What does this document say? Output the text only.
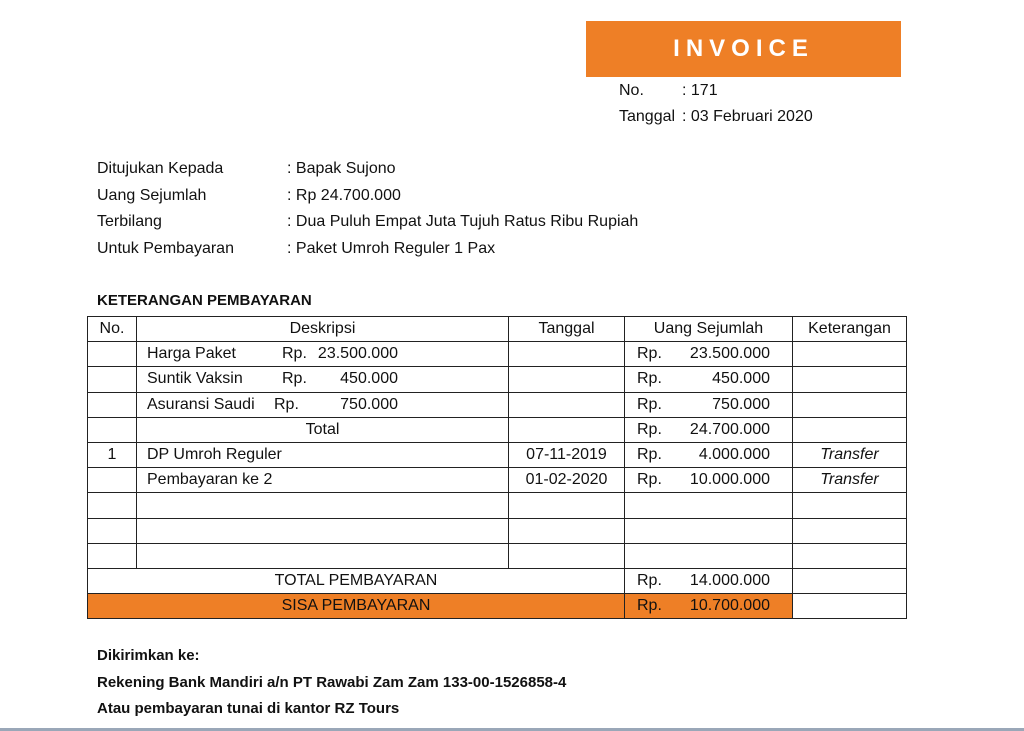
INVOICE
No. : 171
Tanggal : 03 Februari 2020
Ditujukan Kepada	: Bapak Sujono
Uang Sejumlah	: Rp 24.700.000
Terbilang	: Dua Puluh Empat Juta Tujuh Ratus Ribu Rupiah
Untuk Pembayaran	: Paket Umroh Reguler 1 Pax
KETERANGAN PEMBAYARAN
No.	Deskripsi	Tanggal	Uang Sejumlah	Keterangan

	Harga Paket Rp. 23.500.000		Rp. 23.500.000	

	Suntik Vaksin Rp. 450.000		Rp. 450.000	

	Asuransi Saudi Rp. 750.000		Rp. 750.000	

	Total		Rp. 24.700.000	

1	DP Umroh Reguler	07-11-2019	Rp. 4.000.000	Transfer
	Pembayaran ke 2	01-02-2020	Rp. 10.000.000	Transfer

TOTAL PEMBAYARAN			Rp. 14.000.000	

SISA PEMBAYARAN			Rp. 10.700.000	

Dikirimkan ke:
Rekening Bank Mandiri a/n PT Rawabi Zam Zam 133-00-1526858-4
Atau pembayaran tunai di kantor RZ Tours
